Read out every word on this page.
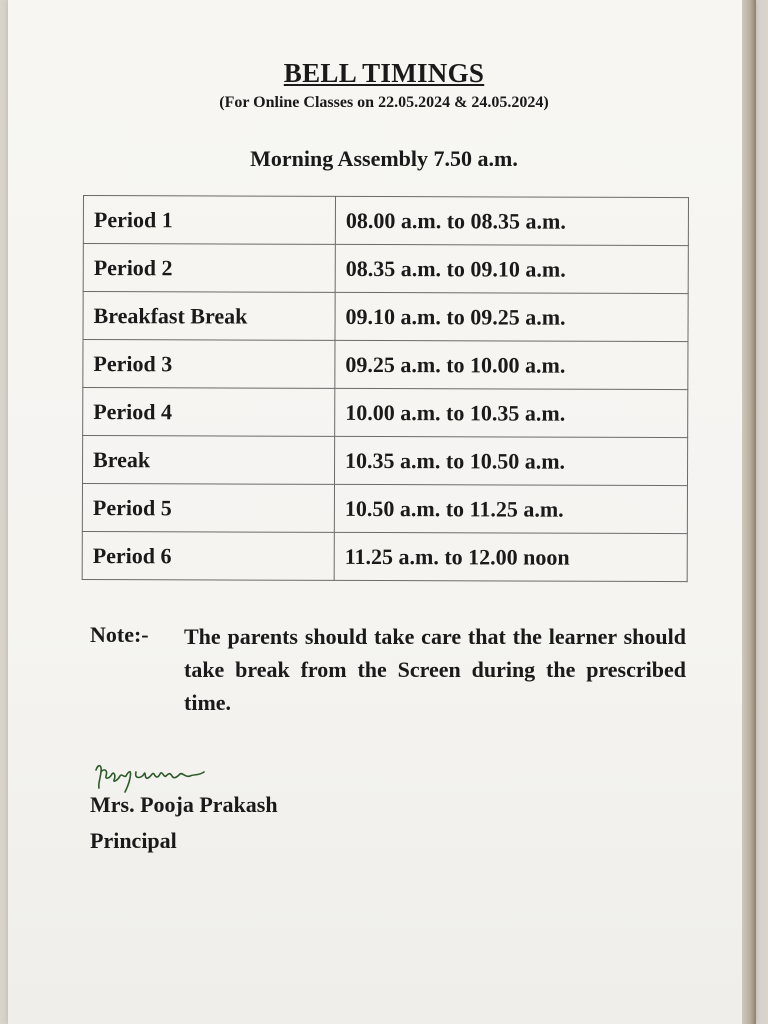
BELL TIMINGS
(For Online Classes on 22.05.2024 & 24.05.2024)
Morning Assembly 7.50 a.m.
Period 1	08.00 a.m. to 08.35 a.m.
Period 2	08.35 a.m. to 09.10 a.m.
Breakfast Break	09.10 a.m. to 09.25 a.m.
Period 3	09.25 a.m. to 10.00 a.m.
Period 4	10.00 a.m. to 10.35 a.m.
Break	10.35 a.m. to 10.50 a.m.
Period 5	10.50 a.m. to 11.25 a.m.
Period 6	11.25 a.m. to 12.00 noon
Note:- The parents should take care that the learner should take break from the Screen during the prescribed time.
Mrs. Pooja Prakash
Principal
